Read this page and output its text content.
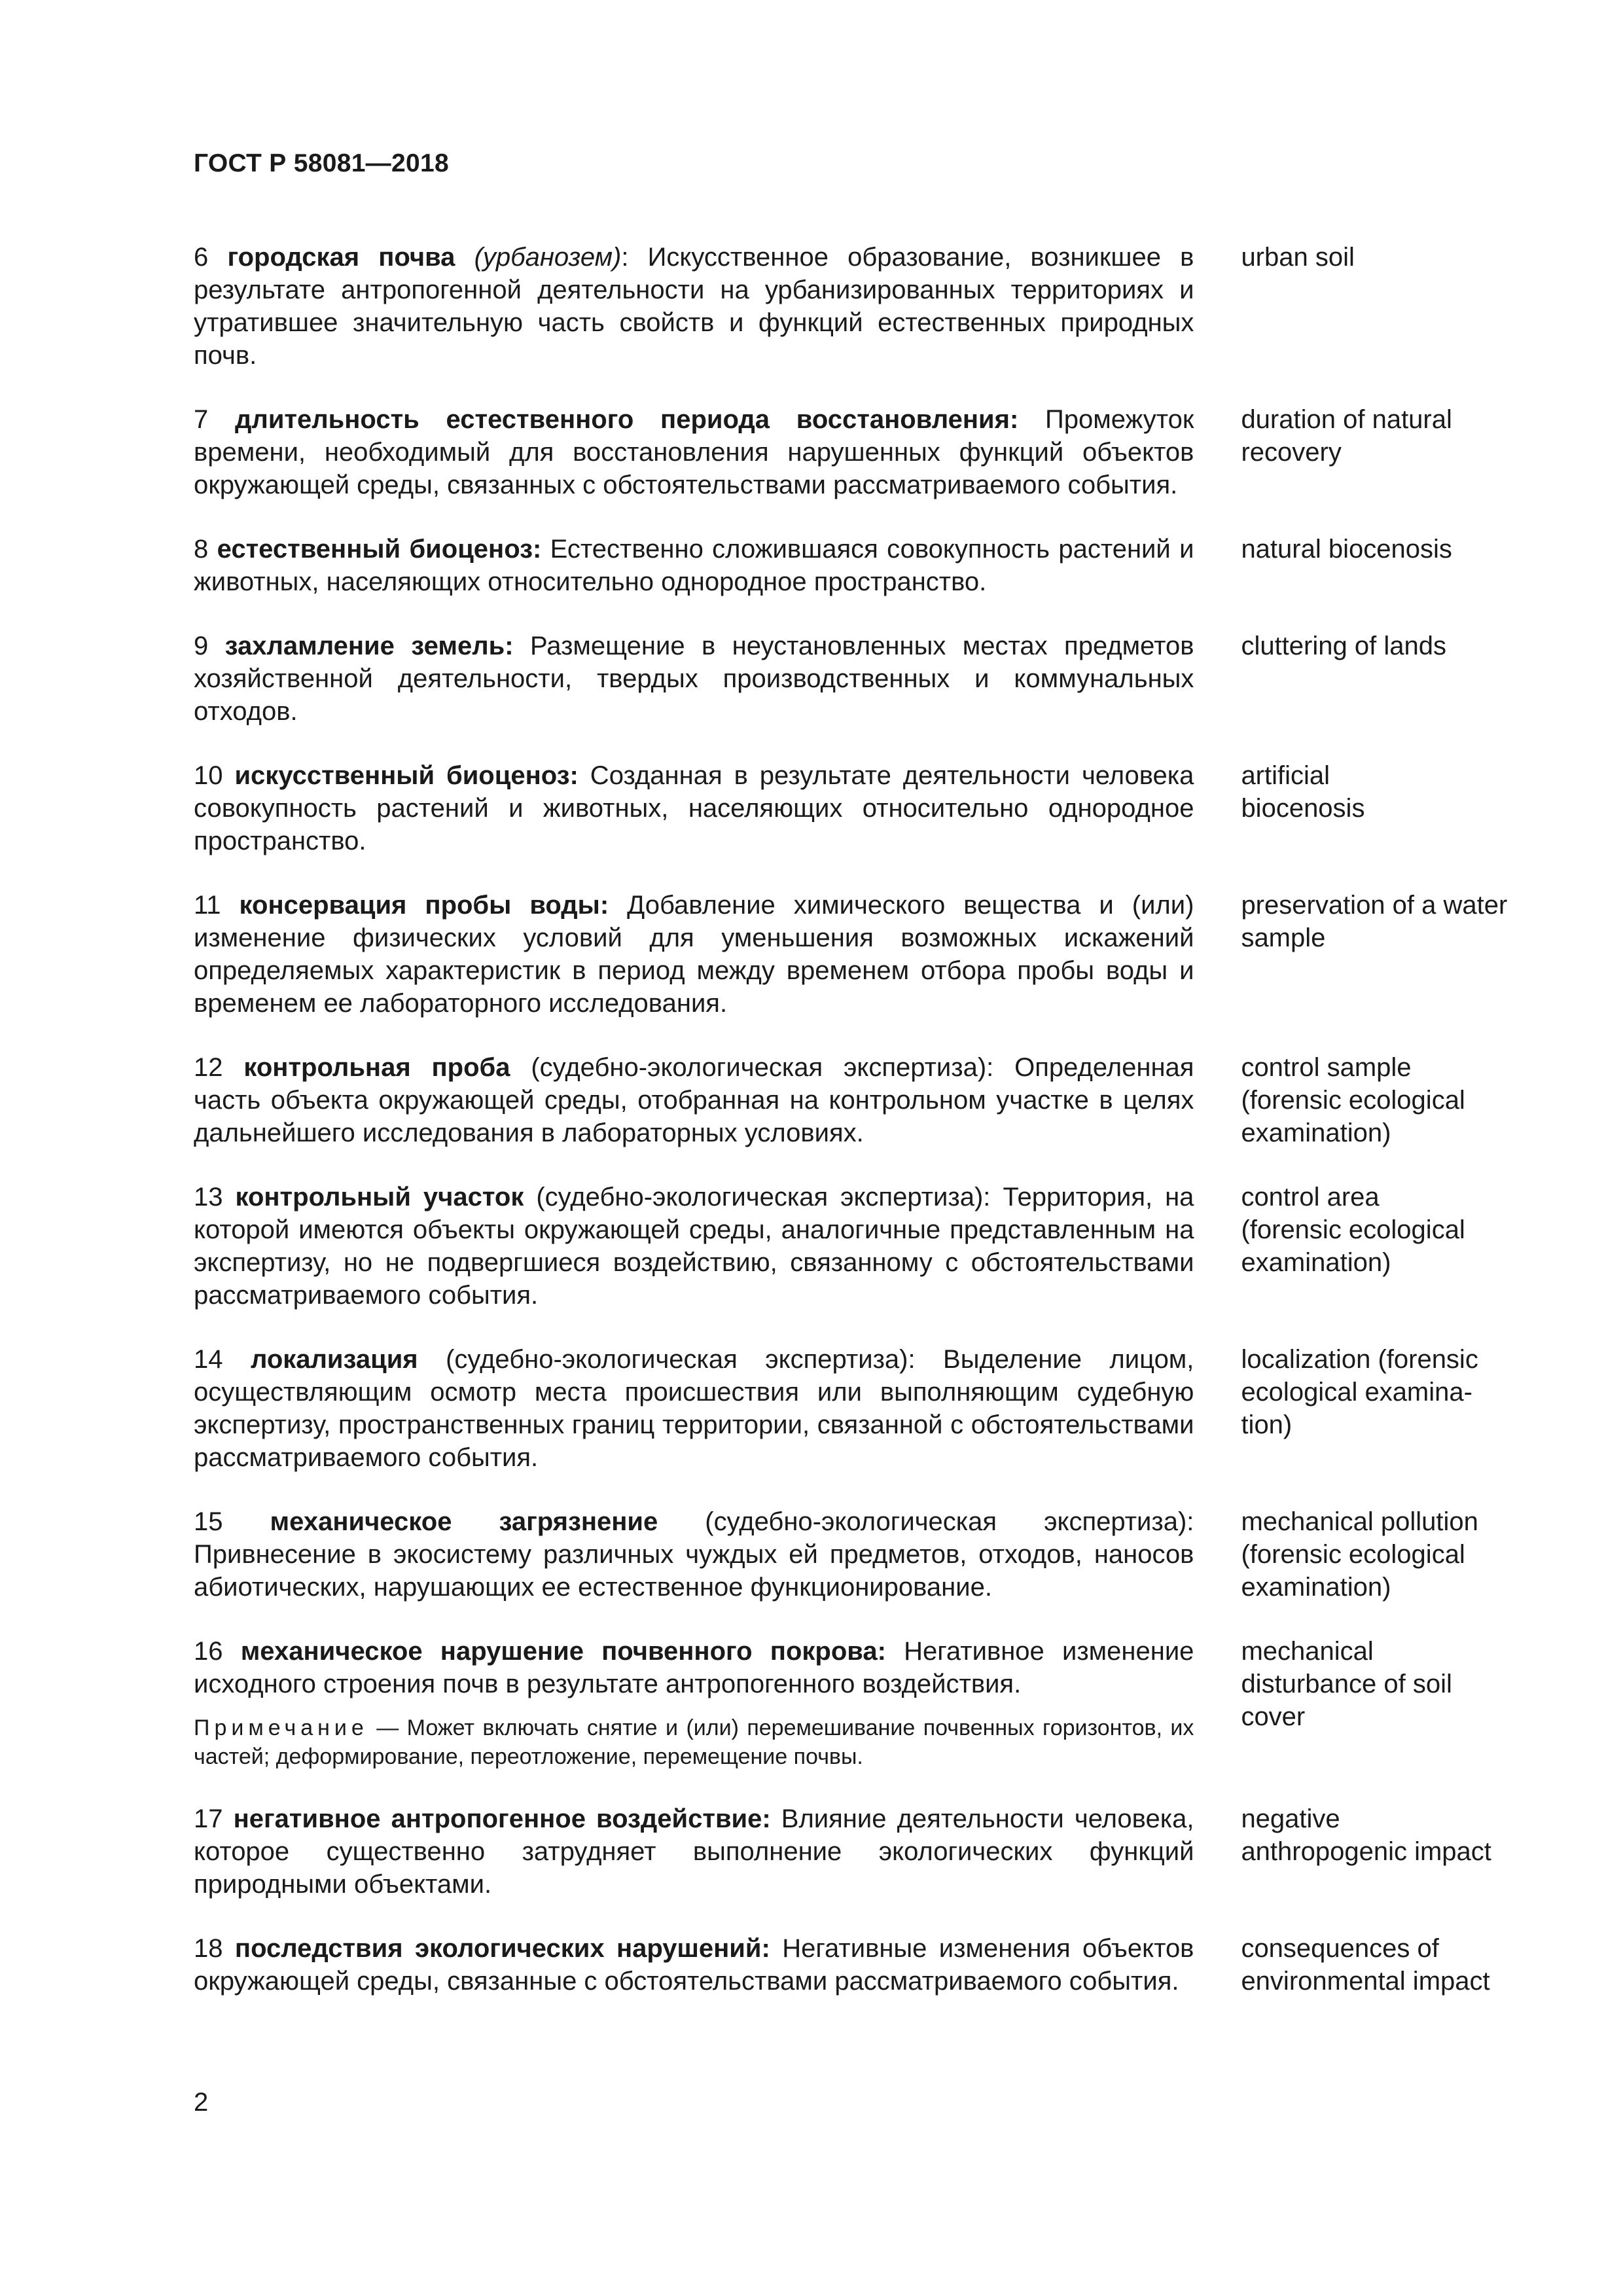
ГОСТ Р 58081—2018
6 городская почва (урбанозем): Искусственное образование, возникшее в результате антропогенной деятельности на урбанизированных территориях и утратившее значительную часть свойств и функций естественных природных почв.
urban soil
7 длительность естественного периода восстановления: Промежуток времени, необходимый для восстановления нарушенных функций объектов окружающей среды, связанных с обстоятельствами рассматриваемого события.
duration of natural
recovery
8 естественный биоценоз: Естественно сложившаяся совокупность растений и животных, населяющих относительно однородное пространство.
natural biocenosis
9 захламление земель: Размещение в неустановленных местах предметов хозяйственной деятельности, твердых производственных и коммунальных отходов.
cluttering of lands
10 искусственный биоценоз: Созданная в результате деятельности человека совокупность растений и животных, населяющих относительно однородное пространство.
artificial
biocenosis
11 консервация пробы воды: Добавление химического вещества и (или) изменение физических условий для уменьшения возможных искажений определяемых характеристик в период между временем отбора пробы воды и временем ее лабораторного исследования.
preservation of a water
sample
12 контрольная проба (судебно-экологическая экспертиза): Определенная часть объекта окружающей среды, отобранная на контрольном участке в целях дальнейшего исследования в лабораторных условиях.
control sample
(forensic ecological
examination)
13 контрольный участок (судебно-экологическая экспертиза): Территория, на которой имеются объекты окружающей среды, аналогичные представленным на экспертизу, но не подвергшиеся воздействию, связанному с обстоятельствами рассматриваемого события.
control area
(forensic ecological
examination)
14 локализация (судебно-экологическая экспертиза): Выделение лицом, осуществляющим осмотр места происшествия или выполняющим судебную экспертизу, пространственных границ территории, связанной с обстоятельствами рассматриваемого события.
localization (forensic
ecological examina-
tion)
15 механическое загрязнение (судебно-экологическая экспертиза): Привнесение в экосистему различных чуждых ей предметов, отходов, наносов абиотических, нарушающих ее естественное функционирование.
mechanical pollution
(forensic ecological
examination)
16 механическое нарушение почвенного покрова: Негативное изменение исходного строения почв в результате антропогенного воздействия.
Примечание — Может включать снятие и (или) перемешивание почвенных горизонтов, их частей; деформирование, переотложение, перемещение почвы.
mechanical
disturbance of soil
cover
17 негативное антропогенное воздействие: Влияние деятельности человека, которое существенно затрудняет выполнение экологических функций природными объектами.
negative
anthropogenic impact
18 последствия экологических нарушений: Негативные изменения объектов окружающей среды, связанные с обстоятельствами рассматриваемого события.
consequences of
environmental impact
2
